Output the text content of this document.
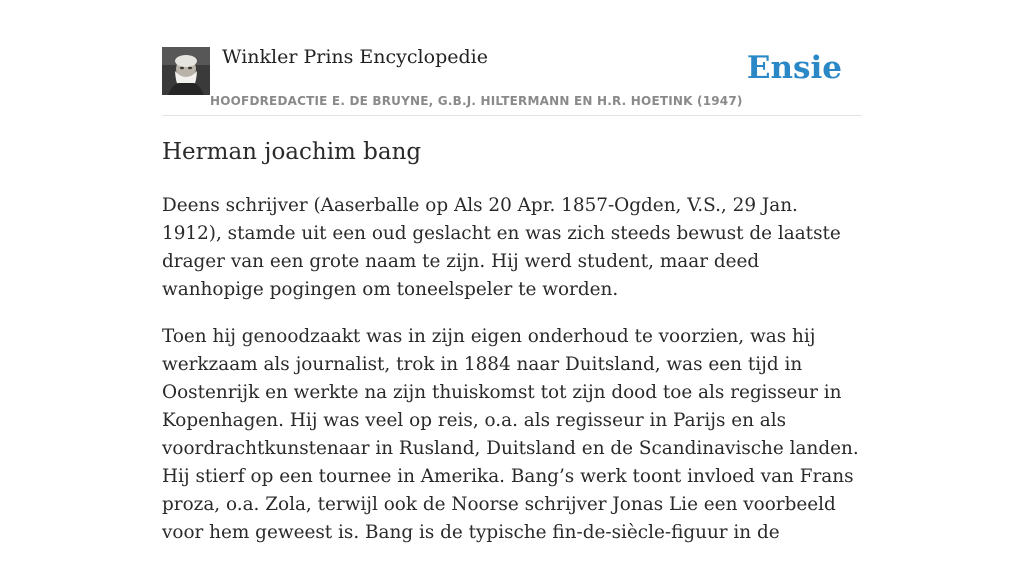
Winkler Prins Encyclopedie
HOOFDREDACTIE E. DE BRUYNE, G.B.J. HILTERMANN EN H.R. HOETINK (1947)
Ensie
Herman joachim bang

Deens schrijver (Aaserballe op Als 20 Apr. 1857-Ogden, V.S., 29 Jan. 1912), stamde uit een oud geslacht en was zich steeds bewust de laatste drager van een grote naam te zijn. Hij werd student, maar deed wanhopige pogingen om toneelspeler te worden.

Toen hij genoodzaakt was in zijn eigen onderhoud te voorzien, was hij werkzaam als journalist, trok in 1884 naar Duitsland, was een tijd in Oostenrijk en werkte na zijn thuiskomst tot zijn dood toe als regisseur in Kopenhagen. Hij was veel op reis, o.a. als regisseur in Parijs en als voordrachtkunstenaar in Rusland, Duitsland en de Scandinavische landen. Hij stierf op een tournee in Amerika. Bang’s werk toont invloed van Frans proza, o.a. Zola, terwijl ook de Noorse schrijver Jonas Lie een voorbeeld voor hem geweest is. Bang is de typische fin-de-siècle-figuur in de
